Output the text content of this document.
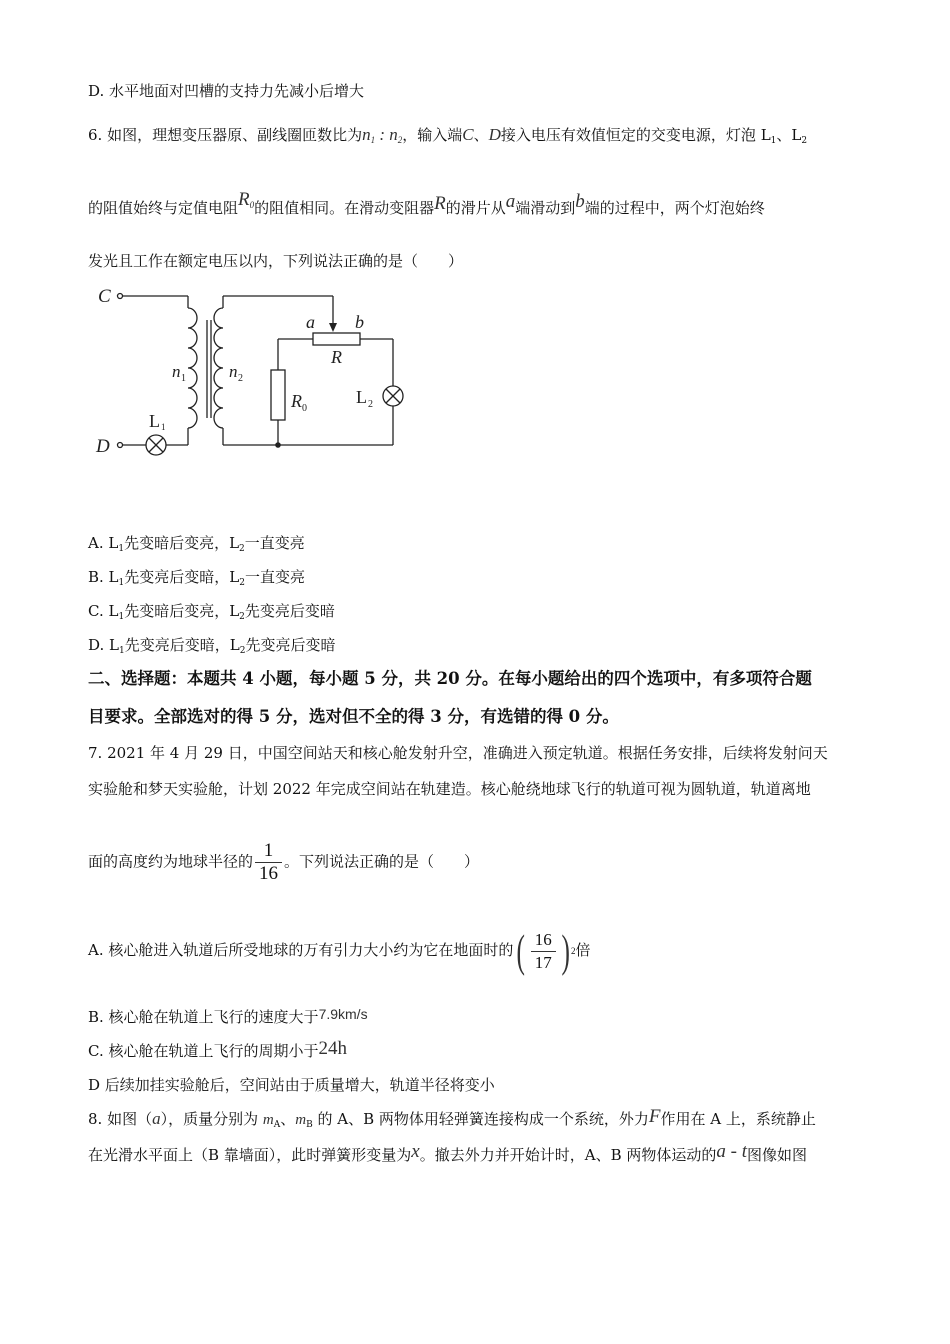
D. 水平地面对凹槽的支持力先减小后增大
6. 如图，理想变压器原、副线圈匝数比为$n_1$ : $n_2$，输入端C、D接入电压有效值恒定的交变电源，灯泡 $L_1$、$L_2$
的阻值始终与定值电阻$R_0$的阻值相同。在滑动变阻器R的滑片从a端滑动到b端的过程中，两个灯泡始终
发光且工作在额定电压以内，下列说法正确的是（　　）
C
D
n 1	n 2
L 1
L 2
R 0
a b
R
A. $L_1$先变暗后变亮，$L_2$一直变亮
B. $L_1$先变亮后变暗，$L_2$一直变亮
C. $L_1$先变暗后变亮，$L_2$先变亮后变暗
D. $L_1$先变亮后变暗，$L_2$先变亮后变暗
二、选择题：本题共 4 小题，每小题 5 分，共 20 分。在每小题给出的四个选项中，有多项符合题
目要求。全部选对的得 5 分，选对但不全的得 3 分，有选错的得 0 分。
7. 2021 年 4 月 29 日，中国空间站天和核心舱发射升空，准确进入预定轨道。根据任务安排，后续将发射问天
实验舱和梦天实验舱，计划 2022 年完成空间站在轨建造。核心舱绕地球飞行的轨道可视为圆轨道，轨道离地
面的高度约为地球半径的 $\frac{1}{16}$ 。下列说法正确的是（　　）
A. 核心舱进入轨道后所受地球的万有引力大小约为它在地面时的 ( $\frac{16}{17}$ ) 2 倍
B. 核心舱在轨道上飞行的速度大于7.9km/s
C. 核心舱在轨道上飞行的周期小于24h
D 后续加挂实验舱后，空间站由于质量增大，轨道半径将变小
8. 如图（a），质量分别为 $m_A$、$m_B$ 的 A、B 两物体用轻弹簧连接构成一个系统，外力F作用在 A 上，系统静止
在光滑水平面上（B 靠墙面），此时弹簧形变量为x。撤去外力并开始计时，A、B 两物体运动的a - t图像如图
